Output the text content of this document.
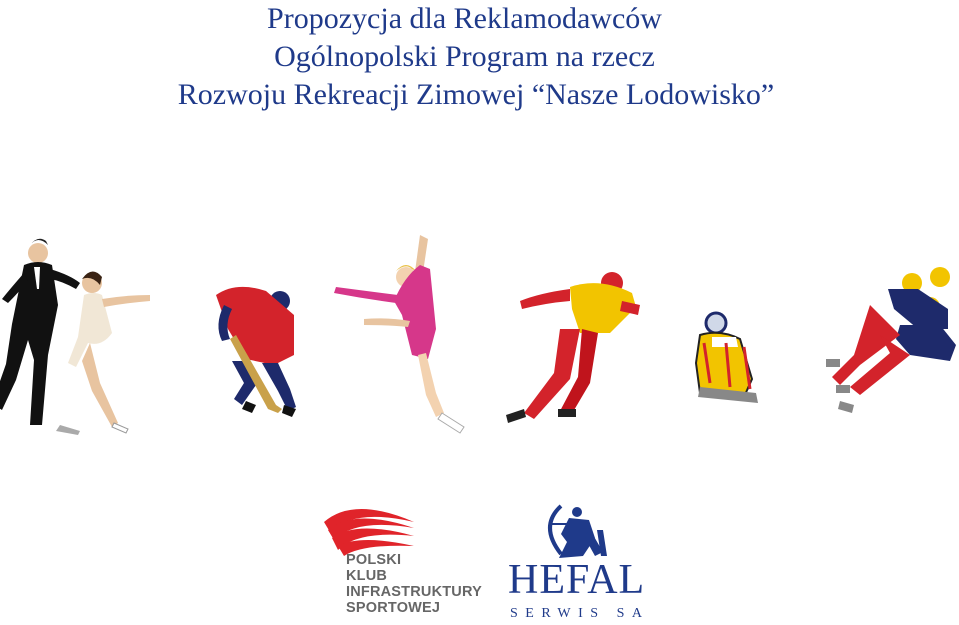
Propozycja dla Reklamodawców
Ogólnopolski Program na rzecz
Rozwoju Rekreacji Zimowej “Nasze Lodowisko”
POLSKI
KLUB
INFRASTRUKTURY
SPORTOWEJ
HEFAL
SERWIS SA
